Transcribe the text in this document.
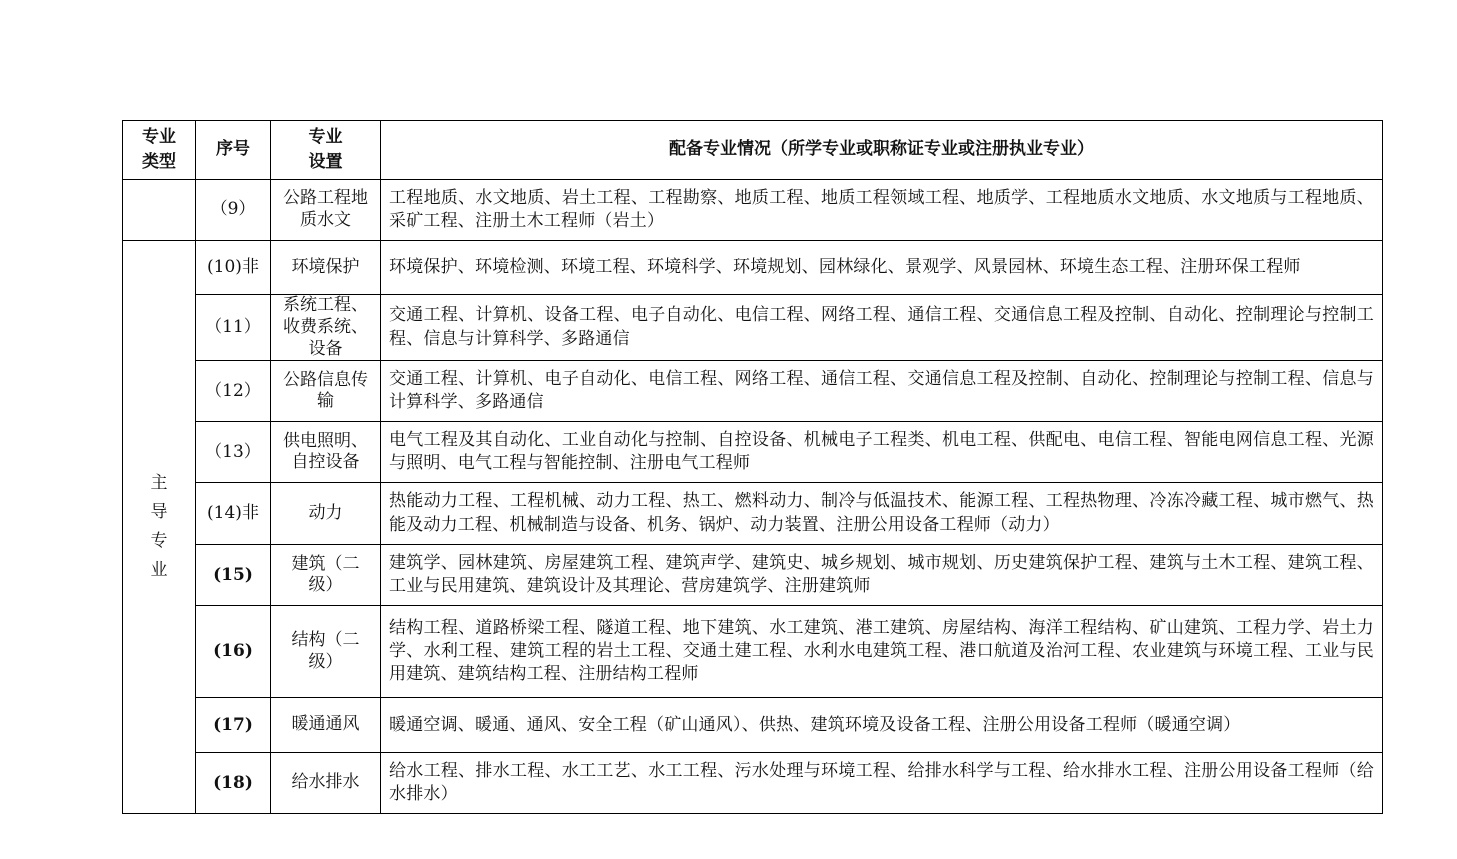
专业类型	序号	专业设置	配备专业情况（所学专业或职称证专业或注册执业专业）
	（9）	公路工程地质水文	工程地质、水文地质、岩土工程、工程勘察、地质工程、地质工程领域工程、地质学、工程地质水文地质、水文地质与工程地质、采矿工程、注册土木工程师（岩土）
主导专业	(10)非	环境保护	环境保护、环境检测、环境工程、环境科学、环境规划、园林绿化、景观学、风景园林、环境生态工程、注册环保工程师
	（11）	系统工程、收费系统、设备	交通工程、计算机、设备工程、电子自动化、电信工程、网络工程、通信工程、交通信息工程及控制、自动化、控制理论与控制工程、信息与计算科学、多路通信
	（12）	公路信息传输	交通工程、计算机、电子自动化、电信工程、网络工程、通信工程、交通信息工程及控制、自动化、控制理论与控制工程、信息与计算科学、多路通信
	（13）	供电照明、自控设备	电气工程及其自动化、工业自动化与控制、自控设备、机械电子工程类、机电工程、供配电、电信工程、智能电网信息工程、光源与照明、电气工程与智能控制、注册电气工程师
	(14)非	动力	热能动力工程、工程机械、动力工程、热工、燃料动力、制冷与低温技术、能源工程、工程热物理、冷冻冷藏工程、城市燃气、热能及动力工程、机械制造与设备、机务、锅炉、动力装置、注册公用设备工程师（动力）
	(15)	建筑（二级）	建筑学、园林建筑、房屋建筑工程、建筑声学、建筑史、城乡规划、城市规划、历史建筑保护工程、建筑与土木工程、建筑工程、工业与民用建筑、建筑设计及其理论、营房建筑学、注册建筑师
	(16)	结构（二级）	结构工程、道路桥梁工程、隧道工程、地下建筑、水工建筑、港工建筑、房屋结构、海洋工程结构、矿山建筑、工程力学、岩土力学、水利工程、建筑工程的岩土工程、交通土建工程、水利水电建筑工程、港口航道及治河工程、农业建筑与环境工程、工业与民用建筑、建筑结构工程、注册结构工程师
	(17)	暖通通风	暖通空调、暖通、通风、安全工程（矿山通风）、供热、建筑环境及设备工程、注册公用设备工程师（暖通空调）
	(18)	给水排水	给水工程、排水工程、水工工艺、水工工程、污水处理与环境工程、给排水科学与工程、给水排水工程、注册公用设备工程师（给水排水）
